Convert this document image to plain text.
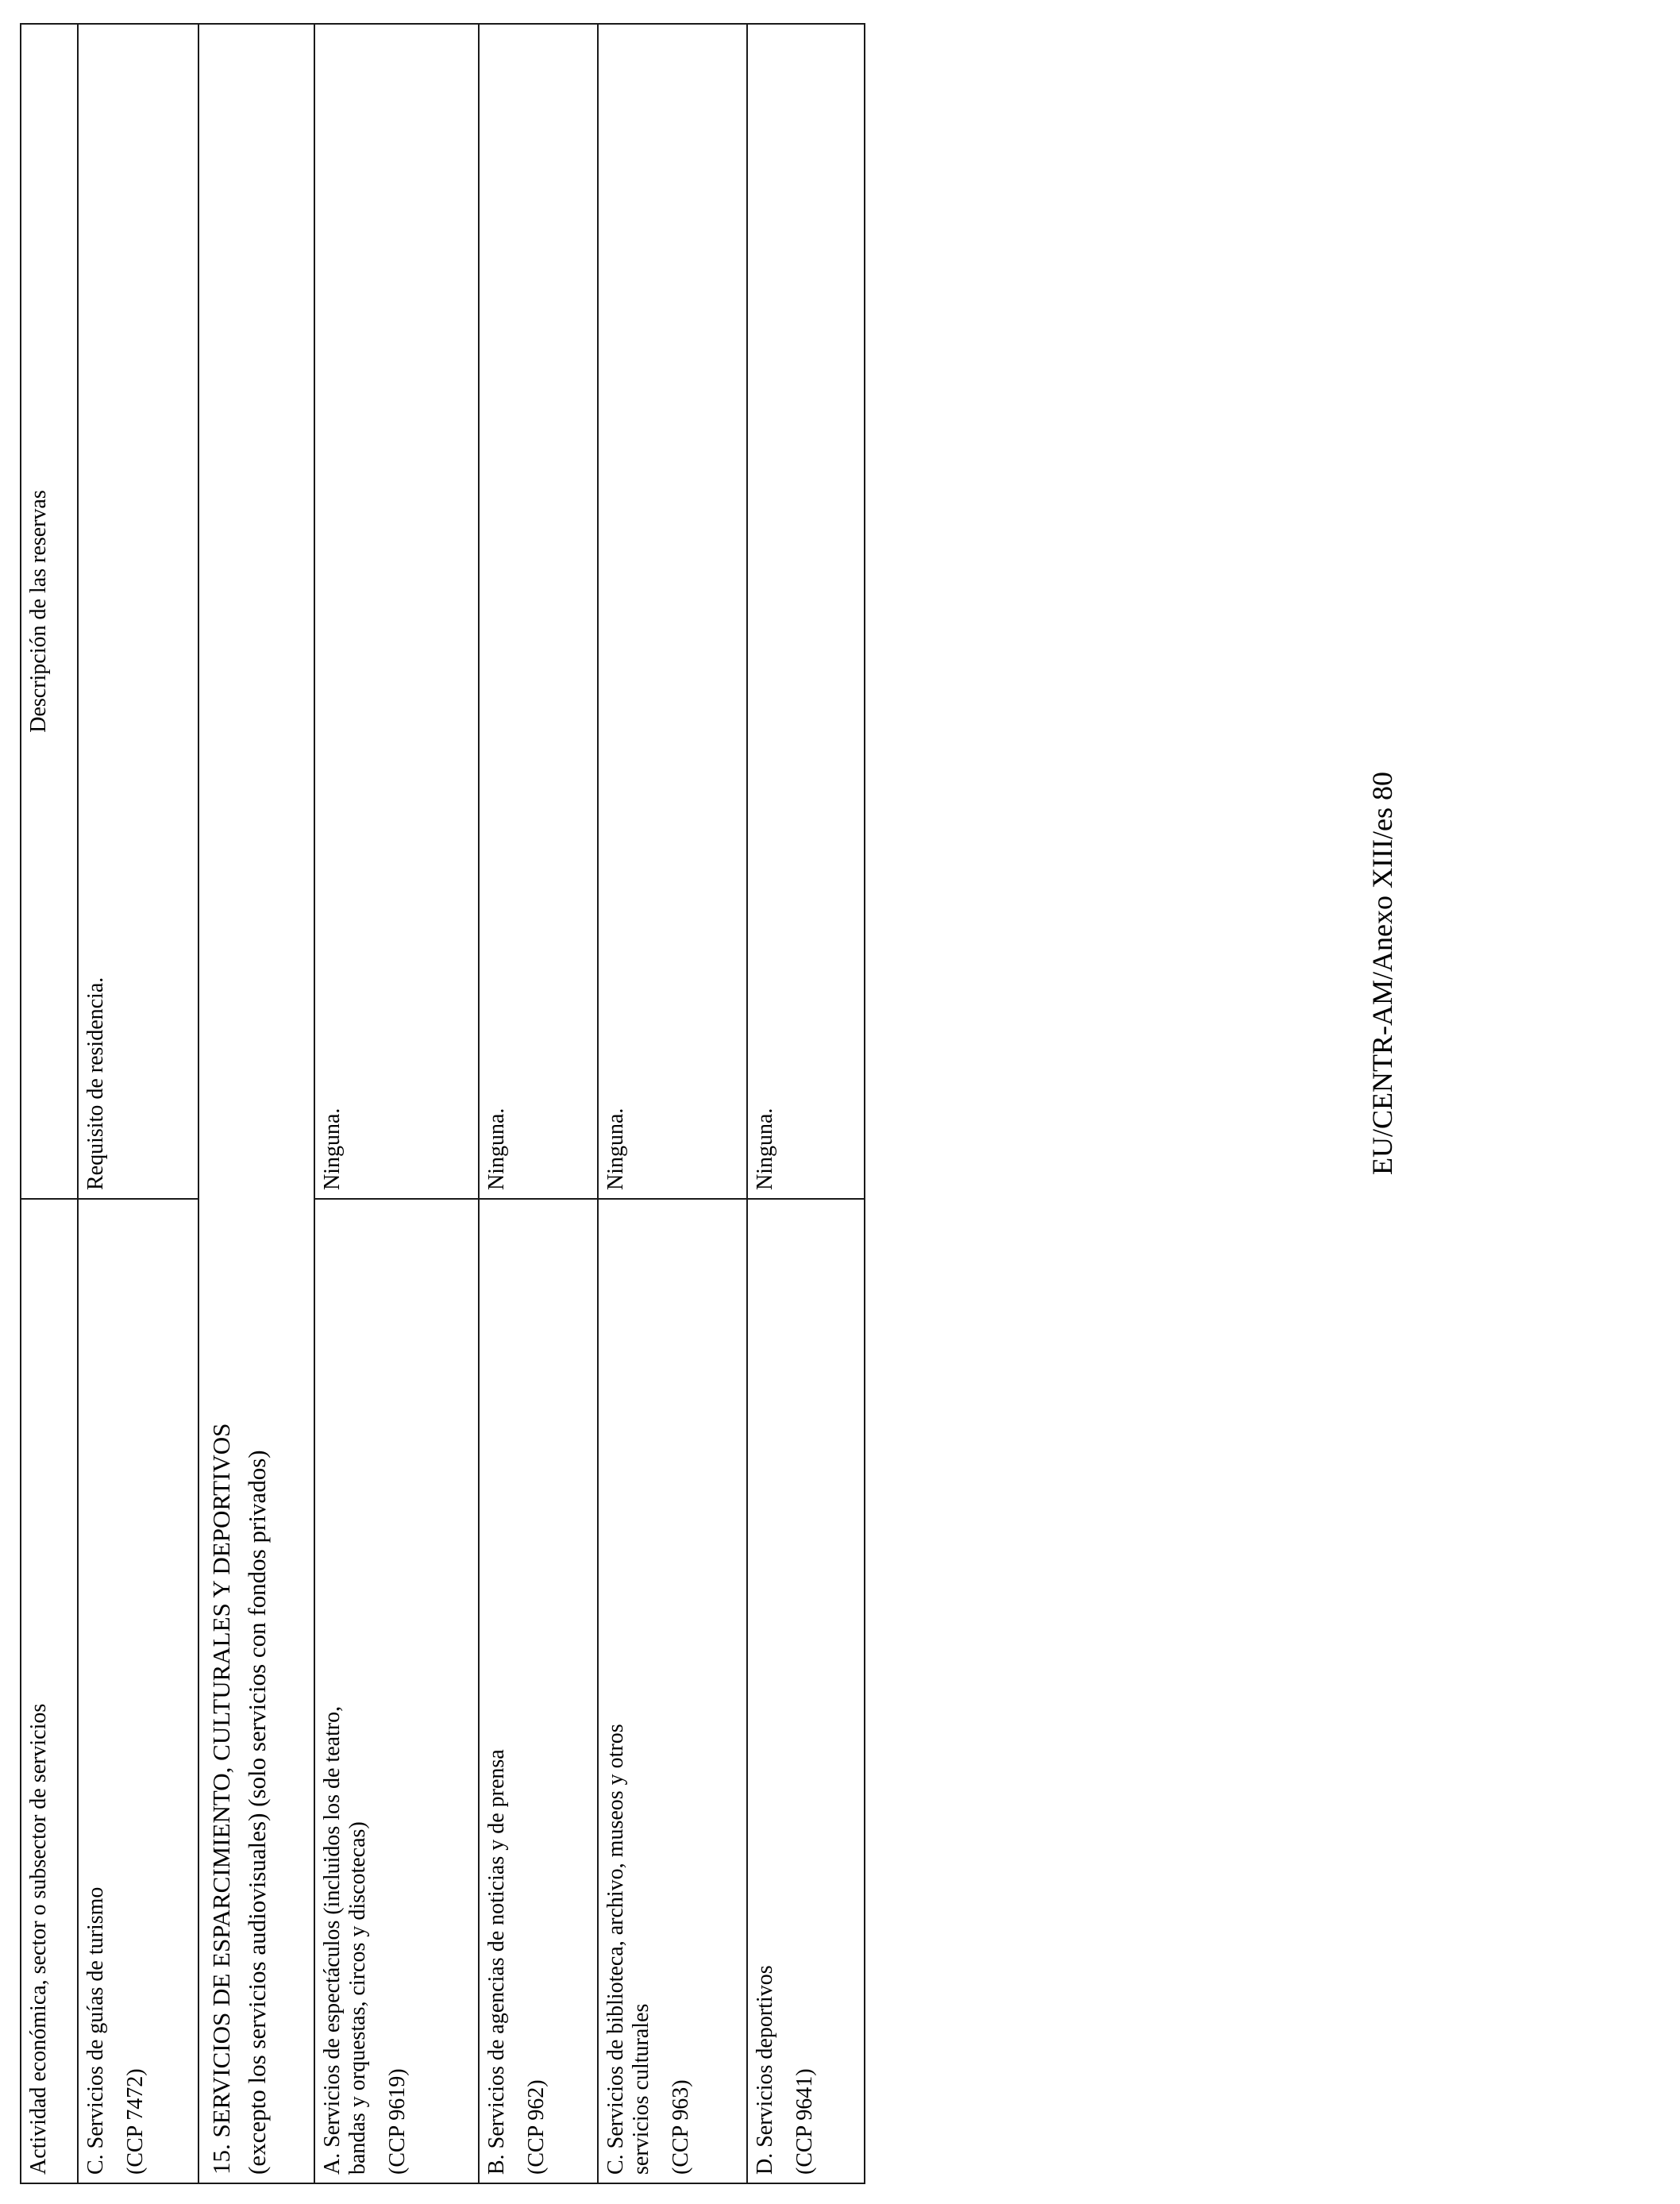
Actividad económica, sector o subsector de servicios	Descripción de las reservas

C. Servicios de guías de turismo (CCP 7472)	Requisito de residencia.

15. SERVICIOS DE ESPARCIMIENTO, CULTURALES Y DEPORTIVOS (excepto los servicios audiovisuales) (solo servicios con fondos privados)	

A. Servicios de espectáculos (incluidos los de teatro, bandas y orquestas, circos y discotecas) (CCP 9619)	Ninguna.

B. Servicios de agencias de noticias y de prensa (CCP 962)	Ninguna.

C. Servicios de biblioteca, archivo, museos y otros servicios culturales (CCP 963)	Ninguna.

D. Servicios deportivos (CCP 9641)	Ninguna.	EU/CENTR-AM/Anexo XIII/es 80
